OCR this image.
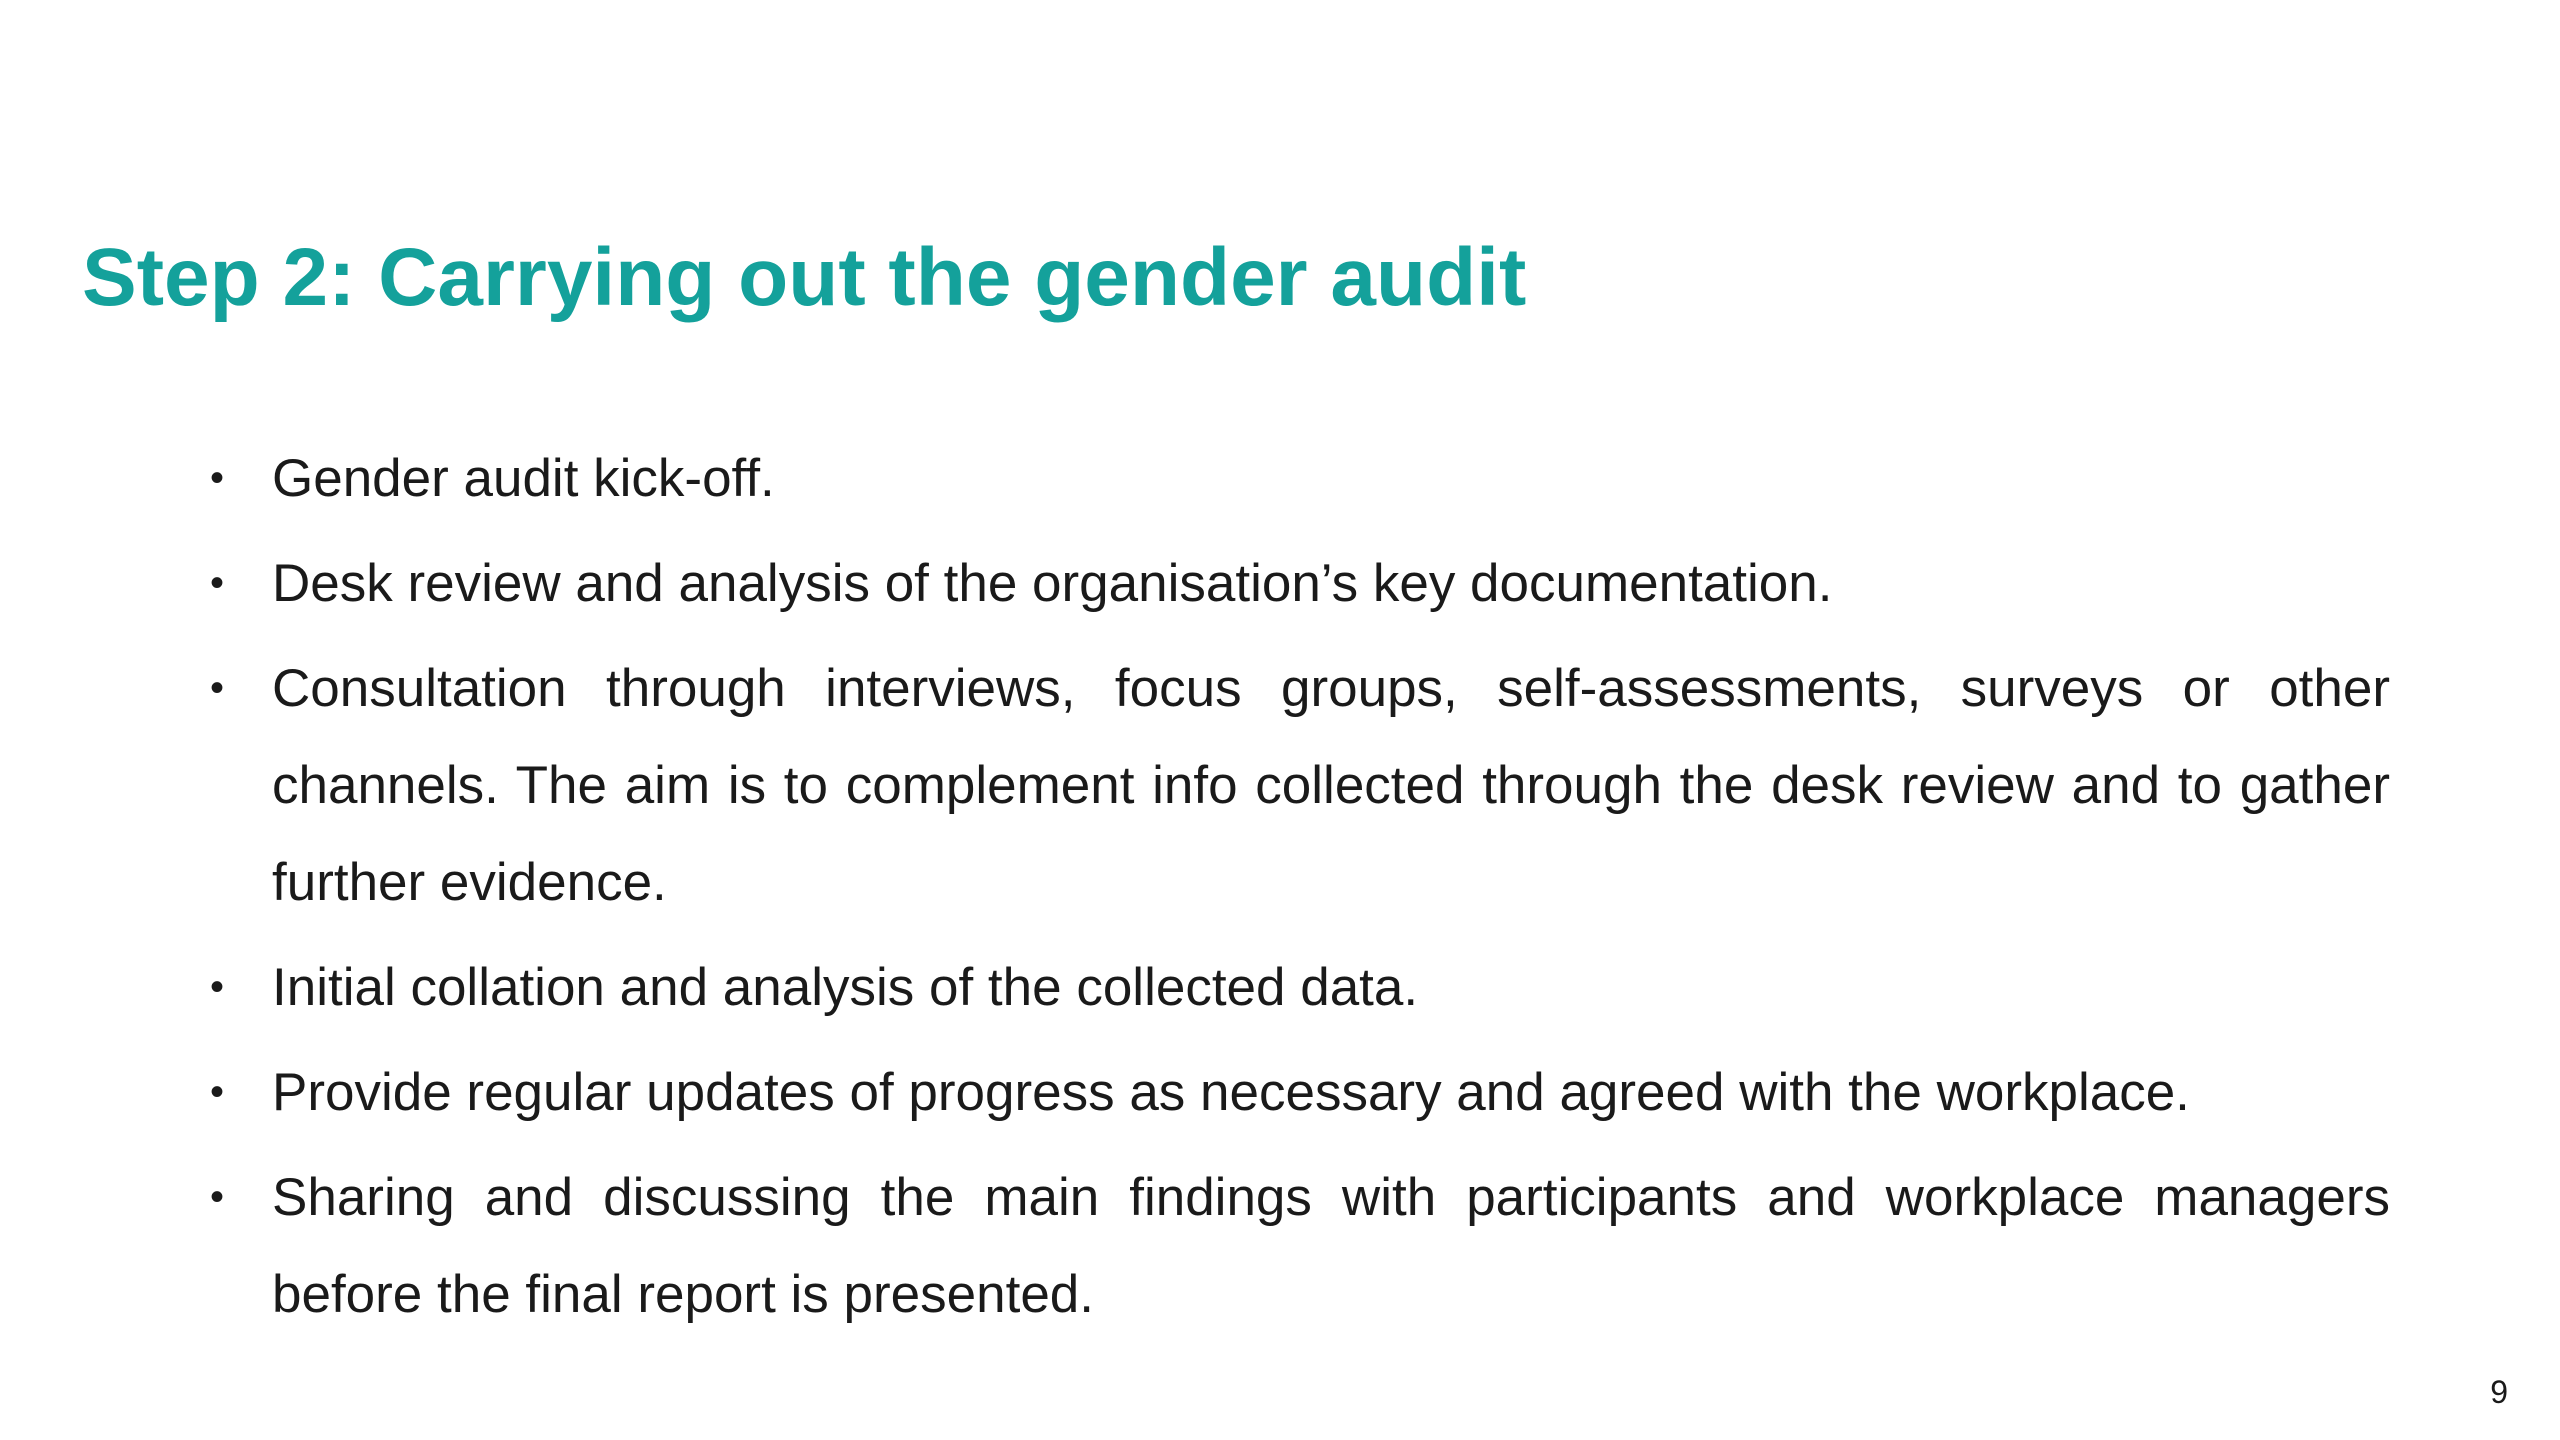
Step 2: Carrying out the gender audit
• Gender audit kick-off.
• Desk review and analysis of the organisation’s key documentation.
• Consultation through interviews, focus groups, self-assessments, surveys or other channels. The aim is to complement info collected through the desk review and to gather further evidence.
• Initial collation and analysis of the collected data.
• Provide regular updates of progress as necessary and agreed with the workplace.
• Sharing and discussing the main findings with participants and workplace managers before the final report is presented.
9
